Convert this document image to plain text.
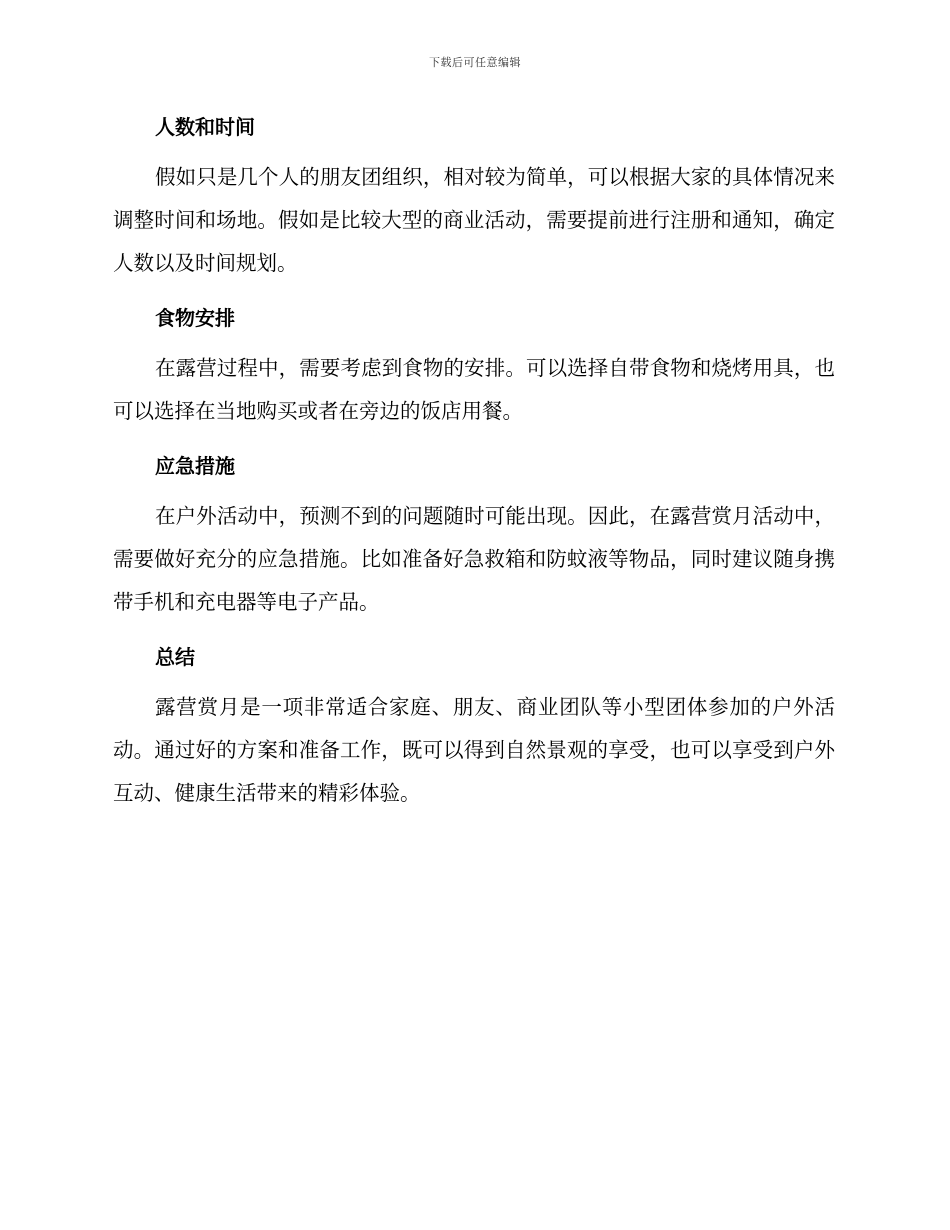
下载后可任意编辑
人数和时间

假如只是几个人的朋友团组织，相对较为简单，可以根据大家的具体情况来调整时间和场地。假如是比较大型的商业活动，需要提前进行注册和通知，确定人数以及时间规划。

食物安排

在露营过程中，需要考虑到食物的安排。可以选择自带食物和烧烤用具，也可以选择在当地购买或者在旁边的饭店用餐。

应急措施

在户外活动中，预测不到的问题随时可能出现。因此，在露营赏月活动中，需要做好充分的应急措施。比如准备好急救箱和防蚊液等物品，同时建议随身携带手机和充电器等电子产品。

总结

露营赏月是一项非常适合家庭、朋友、商业团队等小型团体参加的户外活动。通过好的方案和准备工作，既可以得到自然景观的享受，也可以享受到户外互动、健康生活带来的精彩体验。
